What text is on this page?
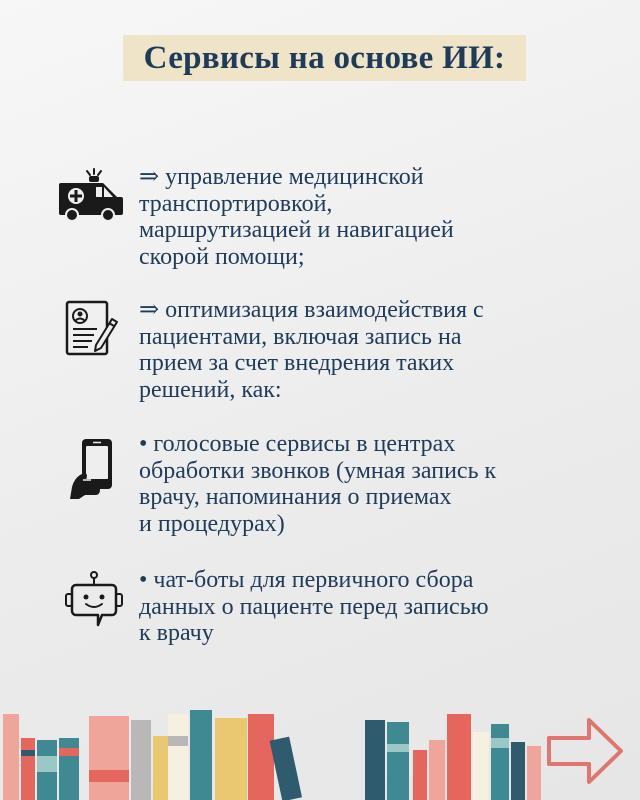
Сервисы на основе ИИ:
⇒ управление медицинской
транспортировкой,
маршрутизацией и навигацией
скорой помощи;
⇒ оптимизация взаимодействия с
пациентами, включая запись на
прием за счет внедрения таких
решений, как:
• голосовые сервисы в центрах
обработки звонков (умная запись к
врачу, напоминания о приемах
и процедурах)
• чат-боты для первичного сбора
данных о пациенте перед записью
к врачу
